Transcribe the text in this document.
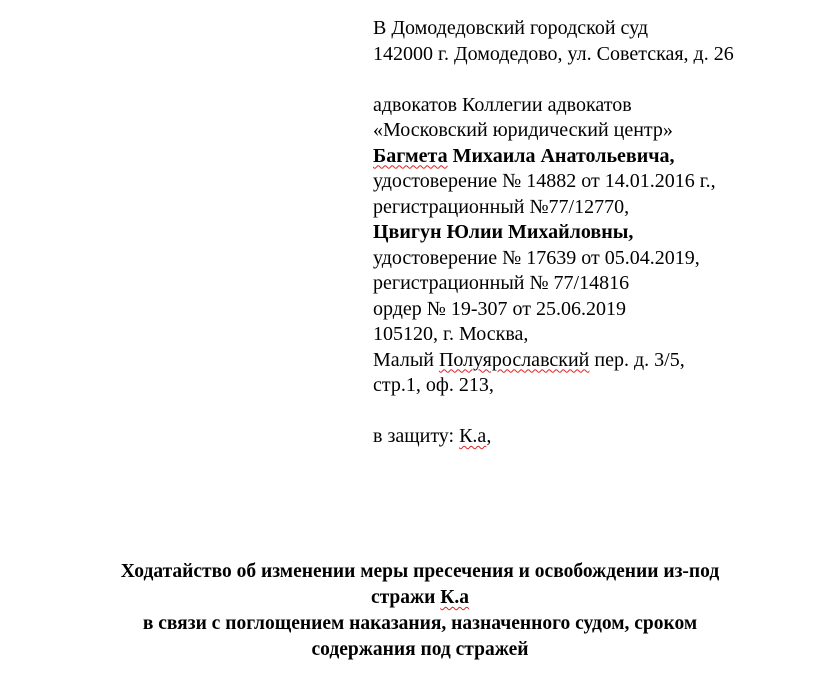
В Домодедовский городской суд
142000 г. Домодедово, ул. Советская, д. 26
адвокатов Коллегии адвокатов
«Московский юридический центр»
Багмета Михаила Анатольевича,
удостоверение № 14882 от 14.01.2016 г.,
регистрационный №77/12770,
Цвигун Юлии Михайловны,
удостоверение № 17639 от 05.04.2019,
регистрационный № 77/14816
ордер № 19-307 от 25.06.2019
105120, г. Москва,
Малый Полуярославский пер. д. 3/5,
стр.1, оф. 213,
в защиту: К.а,
Ходатайство об изменении меры пресечения и освобождении из-под
стражи К.а
в связи с поглощением наказания, назначенного судом, сроком
содержания под стражей
